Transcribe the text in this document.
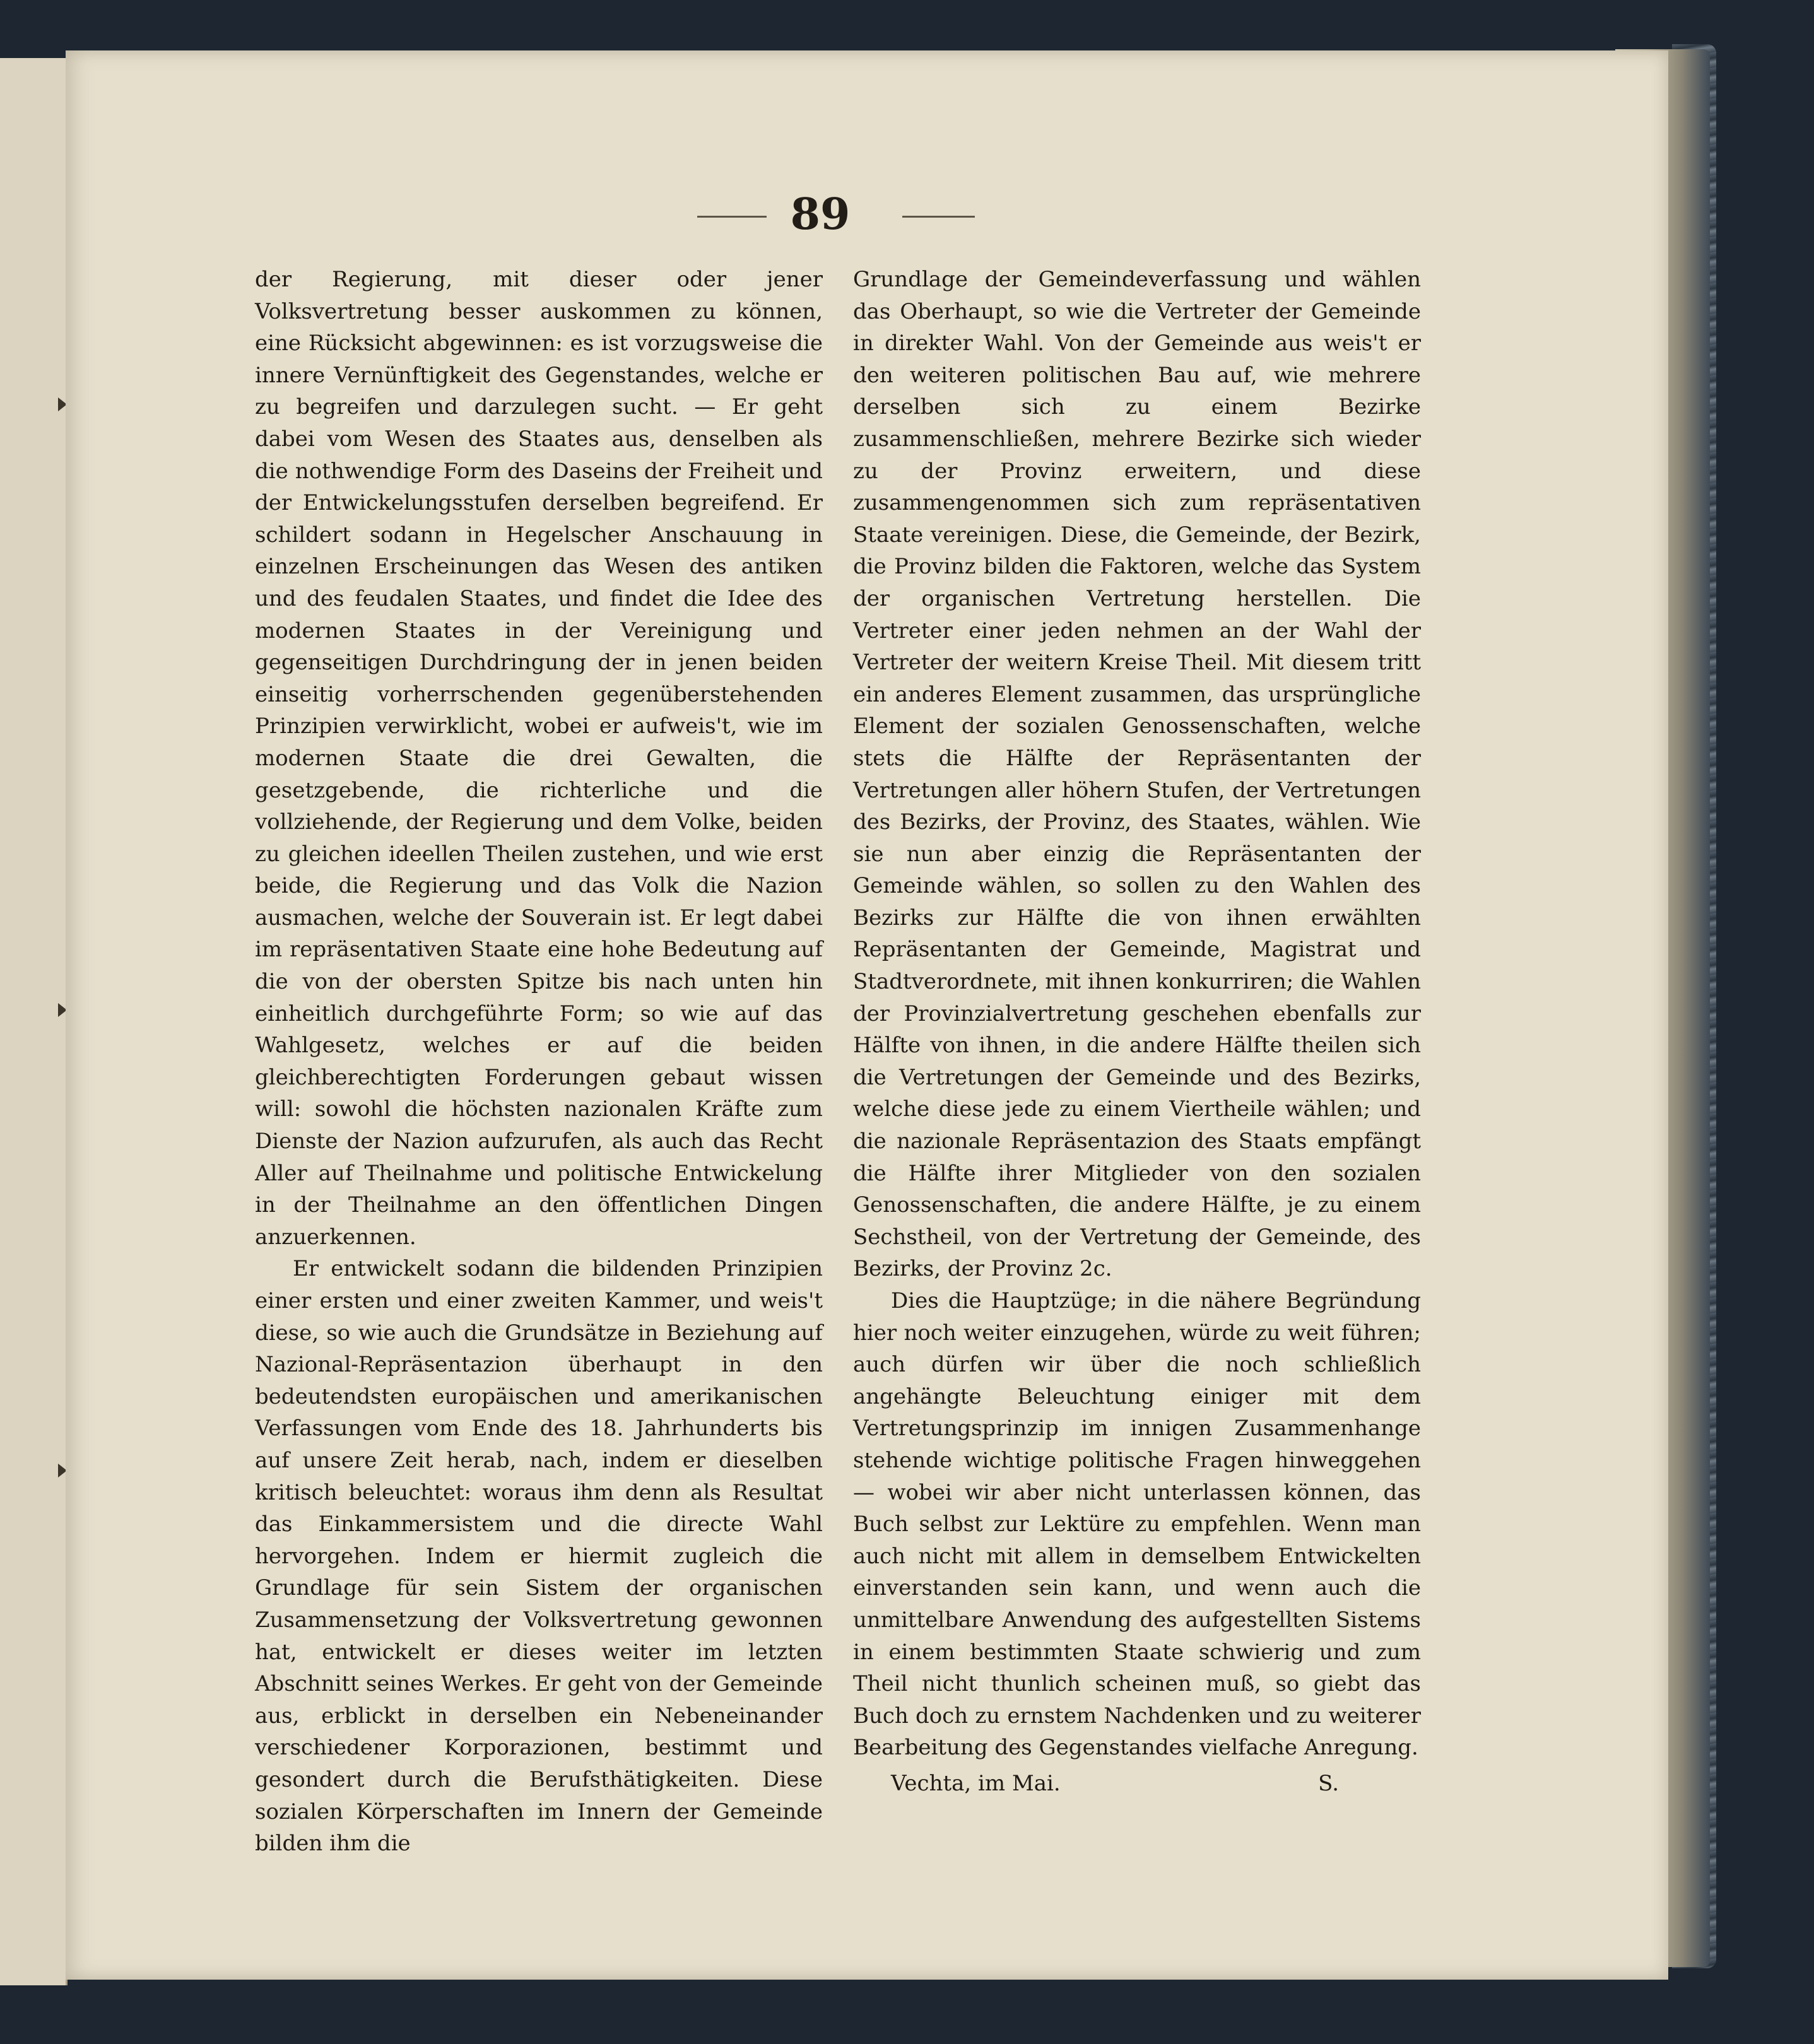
89

der Regierung, mit dieser oder jener Volksvertretung besser auskommen zu können, eine Rücksicht abgewinnen: es ist vorzugsweise die innere Vernünftigkeit des Gegenstandes, welche er zu begreifen und darzulegen sucht. — Er geht dabei vom Wesen des Staates aus, denselben als die nothwendige Form des Daseins der Freiheit und der Entwickelungsstufen derselben begreifend. Er schildert sodann in Hegelscher Anschauung in einzelnen Erscheinungen das Wesen des antiken und des feudalen Staates, und findet die Idee des modernen Staates in der Vereinigung und gegenseitigen Durchdringung der in jenen beiden einseitig vorherrschenden gegenüberstehenden Prinzipien verwirklicht, wobei er aufweis't, wie im modernen Staate die drei Gewalten, die gesetzgebende, die richterliche und die vollziehende, der Regierung und dem Volke, beiden zu gleichen ideellen Theilen zustehen, und wie erst beide, die Regierung und das Volk die Nazion ausmachen, welche der Souverain ist. Er legt dabei im repräsentativen Staate eine hohe Bedeutung auf die von der obersten Spitze bis nach unten hin einheitlich durchgeführte Form; so wie auf das Wahlgesetz, welches er auf die beiden gleichberechtigten Forderungen gebaut wissen will: sowohl die höchsten nazionalen Kräfte zum Dienste der Nazion aufzurufen, als auch das Recht Aller auf Theilnahme und politische Entwickelung in der Theilnahme an den öffentlichen Dingen anzuerkennen.

Er entwickelt sodann die bildenden Prinzipien einer ersten und einer zweiten Kammer, und weis't diese, so wie auch die Grundsätze in Beziehung auf Nazional-Repräsentazion überhaupt in den bedeutendsten europäischen und amerikanischen Verfassungen vom Ende des 18. Jahrhunderts bis auf unsere Zeit herab, nach, indem er dieselben kritisch beleuchtet: woraus ihm denn als Resultat das Einkammersistem und die directe Wahl hervorgehen. Indem er hiermit zugleich die Grundlage für sein Sistem der organischen Zusammensetzung der Volksvertretung gewonnen hat, entwickelt er dieses weiter im letzten Abschnitt seines Werkes. Er geht von der Gemeinde aus, erblickt in derselben ein Nebeneinander verschiedener Korporazionen, bestimmt und gesondert durch die Berufsthätigkeiten. Diese sozialen Körperschaften im Innern der Gemeinde bilden ihm die

Grundlage der Gemeindeverfassung und wählen das Oberhaupt, so wie die Vertreter der Gemeinde in direkter Wahl. Von der Gemeinde aus weis't er den weiteren politischen Bau auf, wie mehrere derselben sich zu einem Bezirke zusammenschließen, mehrere Bezirke sich wieder zu der Provinz erweitern, und diese zusammengenommen sich zum repräsentativen Staate vereinigen. Diese, die Gemeinde, der Bezirk, die Provinz bilden die Faktoren, welche das System der organischen Vertretung herstellen. Die Vertreter einer jeden nehmen an der Wahl der Vertreter der weitern Kreise Theil. Mit diesem tritt ein anderes Element zusammen, das ursprüngliche Element der sozialen Genossenschaften, welche stets die Hälfte der Repräsentanten der Vertretungen aller höhern Stufen, der Vertretungen des Bezirks, der Provinz, des Staates, wählen. Wie sie nun aber einzig die Repräsentanten der Gemeinde wählen, so sollen zu den Wahlen des Bezirks zur Hälfte die von ihnen erwählten Repräsentanten der Gemeinde, Magistrat und Stadtverordnete, mit ihnen konkurriren; die Wahlen der Provinzialvertretung geschehen ebenfalls zur Hälfte von ihnen, in die andere Hälfte theilen sich die Vertretungen der Gemeinde und des Bezirks, welche diese jede zu einem Viertheile wählen; und die nazionale Repräsentazion des Staats empfängt die Hälfte ihrer Mitglieder von den sozialen Genossenschaften, die andere Hälfte, je zu einem Sechstheil, von der Vertretung der Gemeinde, des Bezirks, der Provinz 2c.

Dies die Hauptzüge; in die nähere Begründung hier noch weiter einzugehen, würde zu weit führen; auch dürfen wir über die noch schließlich angehängte Beleuchtung einiger mit dem Vertretungsprinzip im innigen Zusammenhange stehende wichtige politische Fragen hinweggehen — wobei wir aber nicht unterlassen können, das Buch selbst zur Lektüre zu empfehlen. Wenn man auch nicht mit allem in demselbem Entwickelten einverstanden sein kann, und wenn auch die unmittelbare Anwendung des aufgestellten Sistems in einem bestimmten Staate schwierig und zum Theil nicht thunlich scheinen muß, so giebt das Buch doch zu ernstem Nachdenken und zu weiterer Bearbeitung des Gegenstandes vielfache Anregung.

Vechta, im Mai.	S.
